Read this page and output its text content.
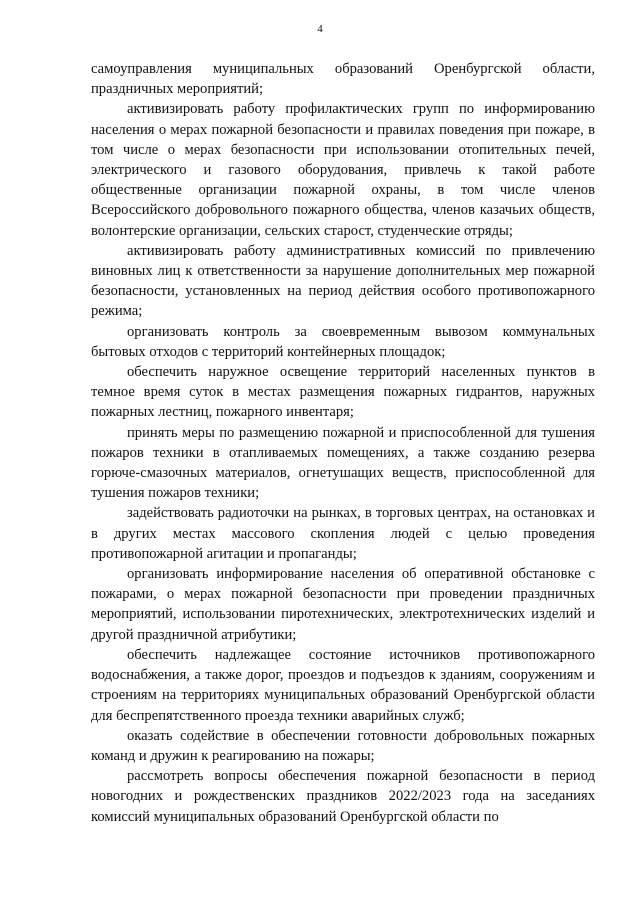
4

самоуправления муниципальных образований Оренбургской области, праздничных мероприятий;

активизировать работу профилактических групп по информированию населения о мерах пожарной безопасности и правилах поведения при пожаре, в том числе о мерах безопасности при использовании отопительных печей, электрического и газового оборудования, привлечь к такой работе общественные организации пожарной охраны, в том числе членов Всероссийского добровольного пожарного общества, членов казачьих обществ, волонтерские организации, сельских старост, студенческие отряды;

активизировать работу административных комиссий по привлечению виновных лиц к ответственности за нарушение дополнительных мер пожарной безопасности, установленных на период действия особого противопожарного режима;

организовать контроль за своевременным вывозом коммунальных бытовых отходов с территорий контейнерных площадок;

обеспечить наружное освещение территорий населенных пунктов в темное время суток в местах размещения пожарных гидрантов, наружных пожарных лестниц, пожарного инвентаря;

принять меры по размещению пожарной и приспособленной для тушения пожаров техники в отапливаемых помещениях, а также созданию резерва горюче-смазочных материалов, огнетушащих веществ, приспособленной для тушения пожаров техники;

задействовать радиоточки на рынках, в торговых центрах, на остановках и в других местах массового скопления людей с целью проведения противопожарной агитации и пропаганды;

организовать информирование населения об оперативной обстановке с пожарами, о мерах пожарной безопасности при проведении праздничных мероприятий, использовании пиротехнических, электротехнических изделий и другой праздничной атрибутики;

обеспечить надлежащее состояние источников противопожарного водоснабжения, а также дорог, проездов и подъездов к зданиям, сооружениям и строениям на территориях муниципальных образований Оренбургской области для беспрепятственного проезда техники аварийных служб;

оказать содействие в обеспечении готовности добровольных пожарных команд и дружин к реагированию на пожары;

рассмотреть вопросы обеспечения пожарной безопасности в период новогодних и рождественских праздников 2022/2023 года на заседаниях комиссий муниципальных образований Оренбургской области по
